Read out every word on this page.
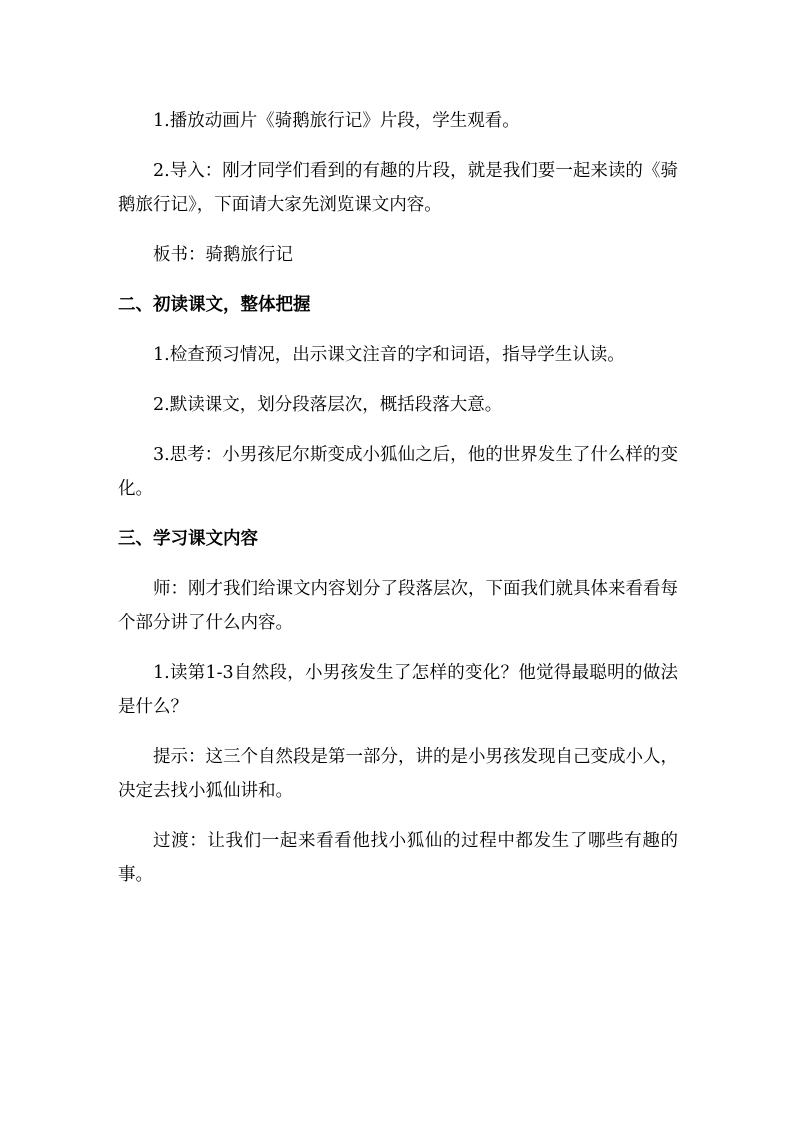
1.播放动画片《骑鹅旅行记》片段，学生观看。

2.导入：刚才同学们看到的有趣的片段，就是我们要一起来读的《骑鹅旅行记》，下面请大家先浏览课文内容。

板书：骑鹅旅行记

二、初读课文，整体把握

1.检查预习情况，出示课文注音的字和词语，指导学生认读。

2.默读课文，划分段落层次，概括段落大意。

3.思考：小男孩尼尔斯变成小狐仙之后，他的世界发生了什么样的变化。

三、学习课文内容

师：刚才我们给课文内容划分了段落层次，下面我们就具体来看看每个部分讲了什么内容。

1.读第1-3自然段，小男孩发生了怎样的变化？他觉得最聪明的做法是什么？

提示：这三个自然段是第一部分，讲的是小男孩发现自己变成小人，决定去找小狐仙讲和。

过渡：让我们一起来看看他找小狐仙的过程中都发生了哪些有趣的事。
